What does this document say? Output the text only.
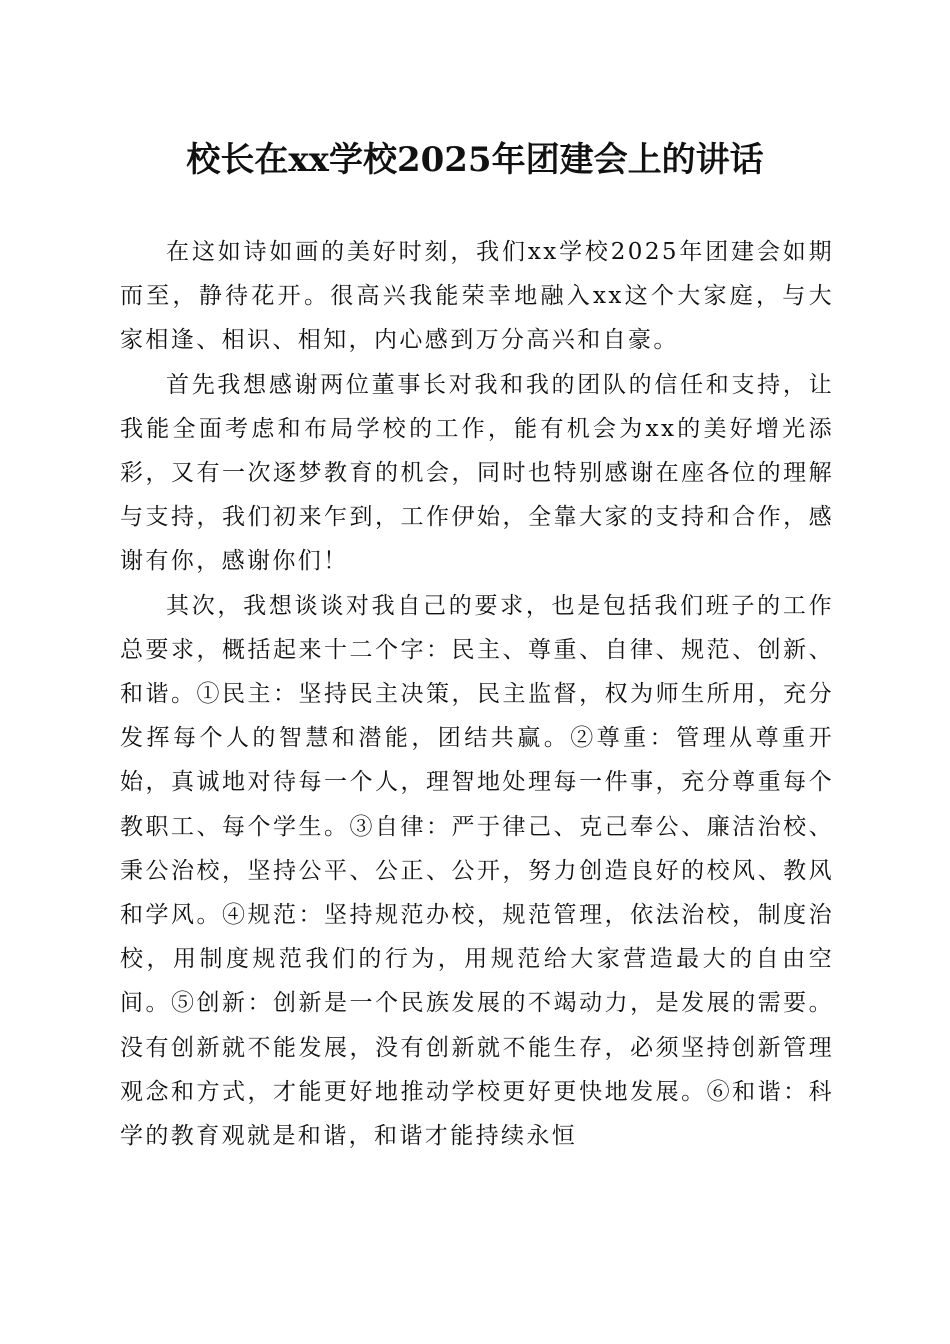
校长在xx学校2025年团建会上的讲话

在这如诗如画的美好时刻，我们xx学校2025年团建会如期而至，静待花开。很高兴我能荣幸地融入xx这个大家庭，与大家相逢、相识、相知，内心感到万分高兴和自豪。

首先我想感谢两位董事长对我和我的团队的信任和支持，让我能全面考虑和布局学校的工作，能有机会为xx的美好增光添彩，又有一次逐梦教育的机会，同时也特别感谢在座各位的理解与支持，我们初来乍到，工作伊始，全靠大家的支持和合作，感谢有你，感谢你们！

其次，我想谈谈对我自己的要求，也是包括我们班子的工作总要求，概括起来十二个字：民主、尊重、自律、规范、创新、和谐。①民主：坚持民主决策，民主监督，权为师生所用，充分发挥每个人的智慧和潜能，团结共赢。②尊重：管理从尊重开始，真诚地对待每一个人，理智地处理每一件事，充分尊重每个教职工、每个学生。③自律：严于律己、克己奉公、廉洁治校、秉公治校，坚持公平、公正、公开，努力创造良好的校风、教风和学风。④规范：坚持规范办校，规范管理，依法治校，制度治校，用制度规范我们的行为，用规范给大家营造最大的自由空间。⑤创新：创新是一个民族发展的不竭动力，是发展的需要。没有创新就不能发展，没有创新就不能生存，必须坚持创新管理观念和方式，才能更好地推动学校更好更快地发展。⑥和谐：科学的教育观就是和谐，和谐才能持续永恒
